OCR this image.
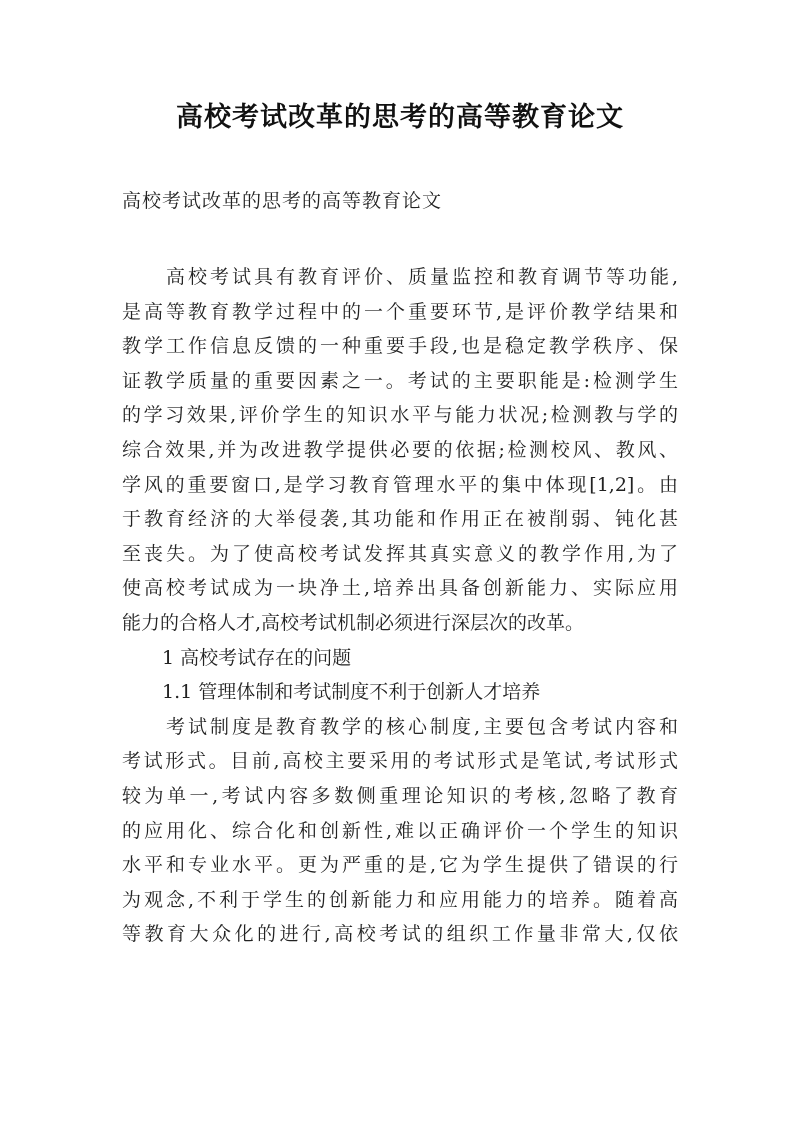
高校考试改革的思考的高等教育论文
高校考试改革的思考的高等教育论文

　　高校考试具有教育评价、质量监控和教育调节等功能,
是高等教育教学过程中的一个重要环节,是评价教学结果和
教学工作信息反馈的一种重要手段,也是稳定教学秩序、保
证教学质量的重要因素之一。考试的主要职能是:检测学生
的学习效果,评价学生的知识水平与能力状况;检测教与学的
综合效果,并为改进教学提供必要的依据;检测校风、教风、
学风的重要窗口,是学习教育管理水平的集中体现[1,2]。由
于教育经济的大举侵袭,其功能和作用正在被削弱、钝化甚
至丧失。为了使高校考试发挥其真实意义的教学作用,为了
使高校考试成为一块净土,培养出具备创新能力、实际应用
能力的合格人才,高校考试机制必须进行深层次的改革。

1 高校考试存在的问题
1.1 管理体制和考试制度不利于创新人才培养

　　考试制度是教育教学的核心制度,主要包含考试内容和
考试形式。目前,高校主要采用的考试形式是笔试,考试形式
较为单一,考试内容多数侧重理论知识的考核,忽略了教育
的应用化、综合化和创新性,难以正确评价一个学生的知识
水平和专业水平。更为严重的是,它为学生提供了错误的行
为观念,不利于学生的创新能力和应用能力的培养。随着高
等教育大众化的进行,高校考试的组织工作量非常大,仅依
